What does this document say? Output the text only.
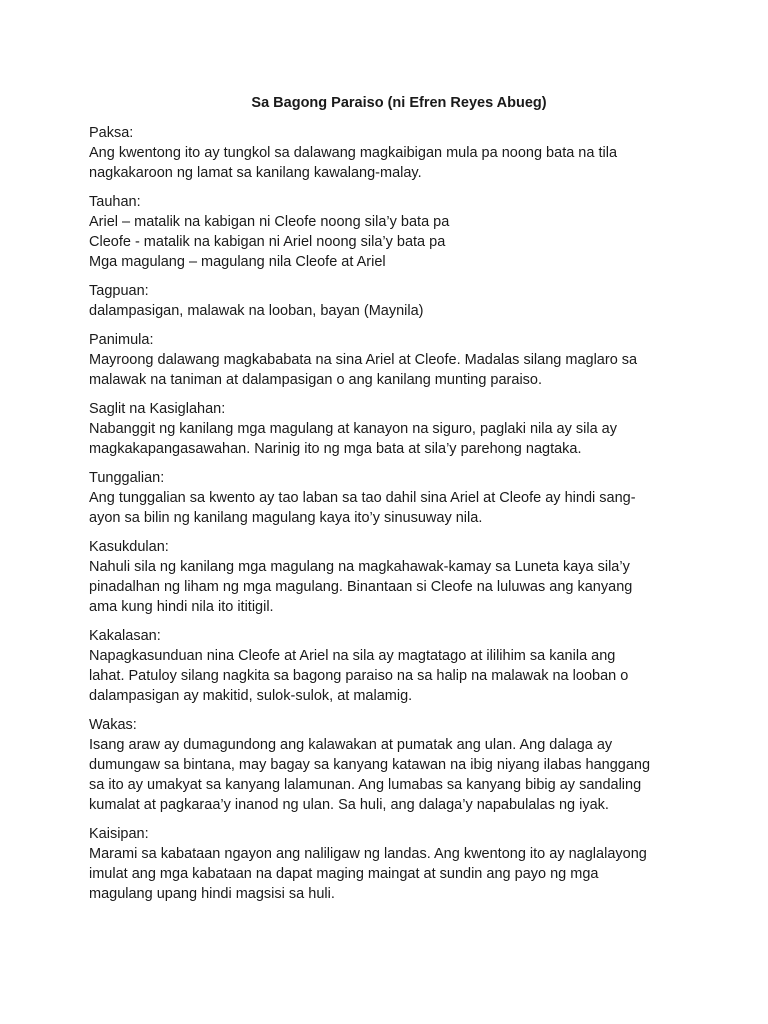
Sa Bagong Paraiso (ni Efren Reyes Abueg)
Paksa:
Ang kwentong ito ay tungkol sa dalawang magkaibigan mula pa noong bata na tila
nagkakaroon ng lamat sa kanilang kawalang-malay.
Tauhan:
Ariel – matalik na kabigan ni Cleofe noong sila’y bata pa
Cleofe - matalik na kabigan ni Ariel noong sila’y bata pa
Mga magulang – magulang nila Cleofe at Ariel
Tagpuan:
dalampasigan, malawak na looban, bayan (Maynila)
Panimula:
Mayroong dalawang magkababata na sina Ariel at Cleofe. Madalas silang maglaro sa
malawak na taniman at dalampasigan o ang kanilang munting paraiso.
Saglit na Kasiglahan:
Nabanggit ng kanilang mga magulang at kanayon na siguro, paglaki nila ay sila ay
magkakapangasawahan. Narinig ito ng mga bata at sila’y parehong nagtaka.
Tunggalian:
Ang tunggalian sa kwento ay tao laban sa tao dahil sina Ariel at Cleofe ay hindi sang-
ayon sa bilin ng kanilang magulang kaya ito’y sinusuway nila.
Kasukdulan:
Nahuli sila ng kanilang mga magulang na magkahawak-kamay sa Luneta kaya sila’y
pinadalhan ng liham ng mga magulang. Binantaan si Cleofe na luluwas ang kanyang
ama kung hindi nila ito ititigil.
Kakalasan:
Napagkasunduan nina Cleofe at Ariel na sila ay magtatago at ililihim sa kanila ang
lahat. Patuloy silang nagkita sa bagong paraiso na sa halip na malawak na looban o
dalampasigan ay makitid, sulok-sulok, at malamig.
Wakas:
Isang araw ay dumagundong ang kalawakan at pumatak ang ulan. Ang dalaga ay
dumungaw sa bintana, may bagay sa kanyang katawan na ibig niyang ilabas hanggang
sa ito ay umakyat sa kanyang lalamunan. Ang lumabas sa kanyang bibig ay sandaling
kumalat at pagkaraa’y inanod ng ulan. Sa huli, ang dalaga’y napabulalas ng iyak.
Kaisipan:
Marami sa kabataan ngayon ang naliligaw ng landas. Ang kwentong ito ay naglalayong
imulat ang mga kabataan na dapat maging maingat at sundin ang payo ng mga
magulang upang hindi magsisi sa huli.
